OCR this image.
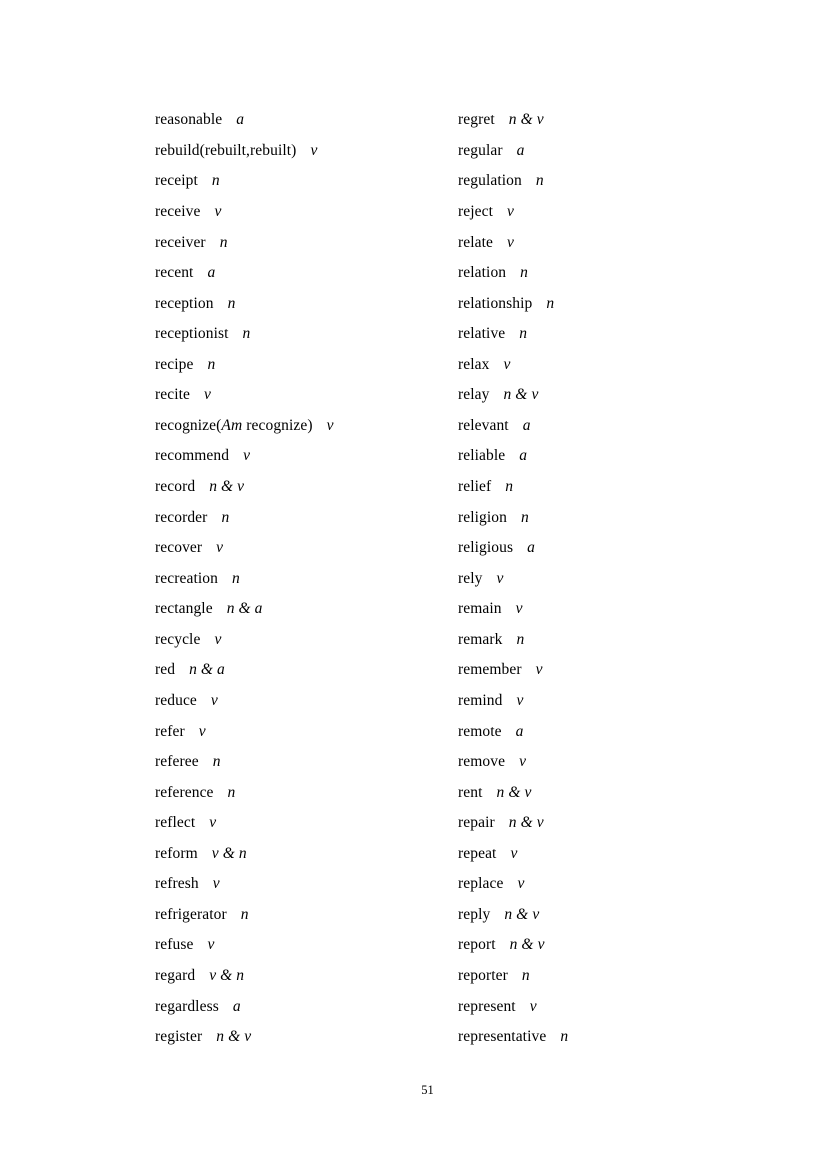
reasonable a
rebuild(rebuilt,rebuilt) v
receipt n
receive v
receiver n
recent a
reception n
receptionist n
recipe n
recite v
recognize(Am recognize) v
recommend v
record n & v
recorder n
recover v
recreation n
rectangle n & a
recycle v
red n & a
reduce v
refer v
referee n
reference n
reflect v
reform v & n
refresh v
refrigerator n
refuse v
regard v & n
regardless a
register n & v
regret n & v
regular a
regulation n
reject v
relate v
relation n
relationship n
relative n
relax v
relay n & v
relevant a
reliable a
relief n
religion n
religious a
rely v
remain v
remark n
remember v
remind v
remote a
remove v
rent n & v
repair n & v
repeat v
replace v
reply n & v
report n & v
reporter n
represent v
representative n
51
